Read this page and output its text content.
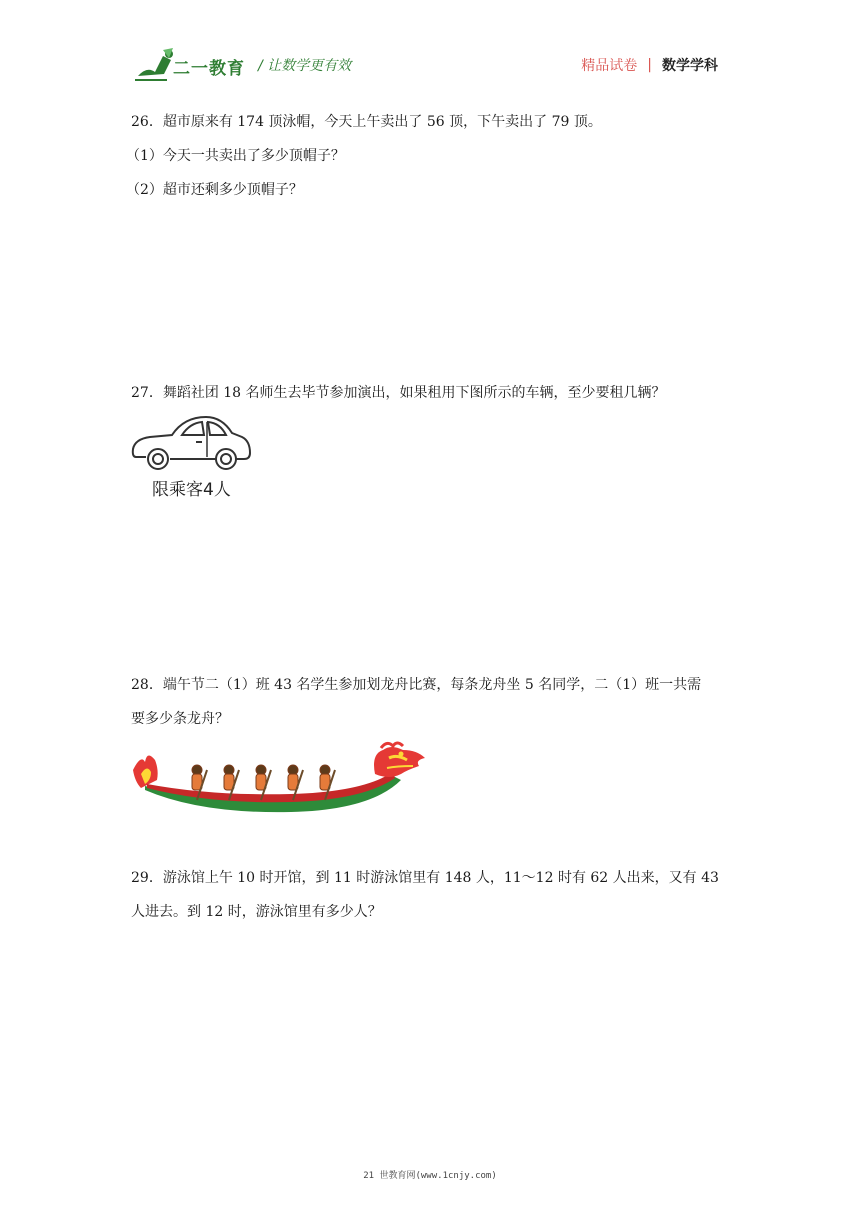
二一教育 / 让数学更有效	精品试卷 | 数学学科
26．超市原来有 174 顶泳帽，今天上午卖出了 56 顶，下午卖出了 79 顶。
（1）今天一共卖出了多少顶帽子？
（2）超市还剩多少顶帽子？
27．舞蹈社团 18 名师生去毕节参加演出，如果租用下图所示的车辆，至少要租几辆？
限乘客4人
28．端午节二（1）班 43 名学生参加划龙舟比赛，每条龙舟坐 5 名同学，二（1）班一共需
要多少条龙舟？
29．游泳馆上午 10 时开馆，到 11 时游泳馆里有 148 人，11～12 时有 62 人出来，又有 43
人进去。到 12 时，游泳馆里有多少人？
21 世教育网(www.1cnjy.com)
